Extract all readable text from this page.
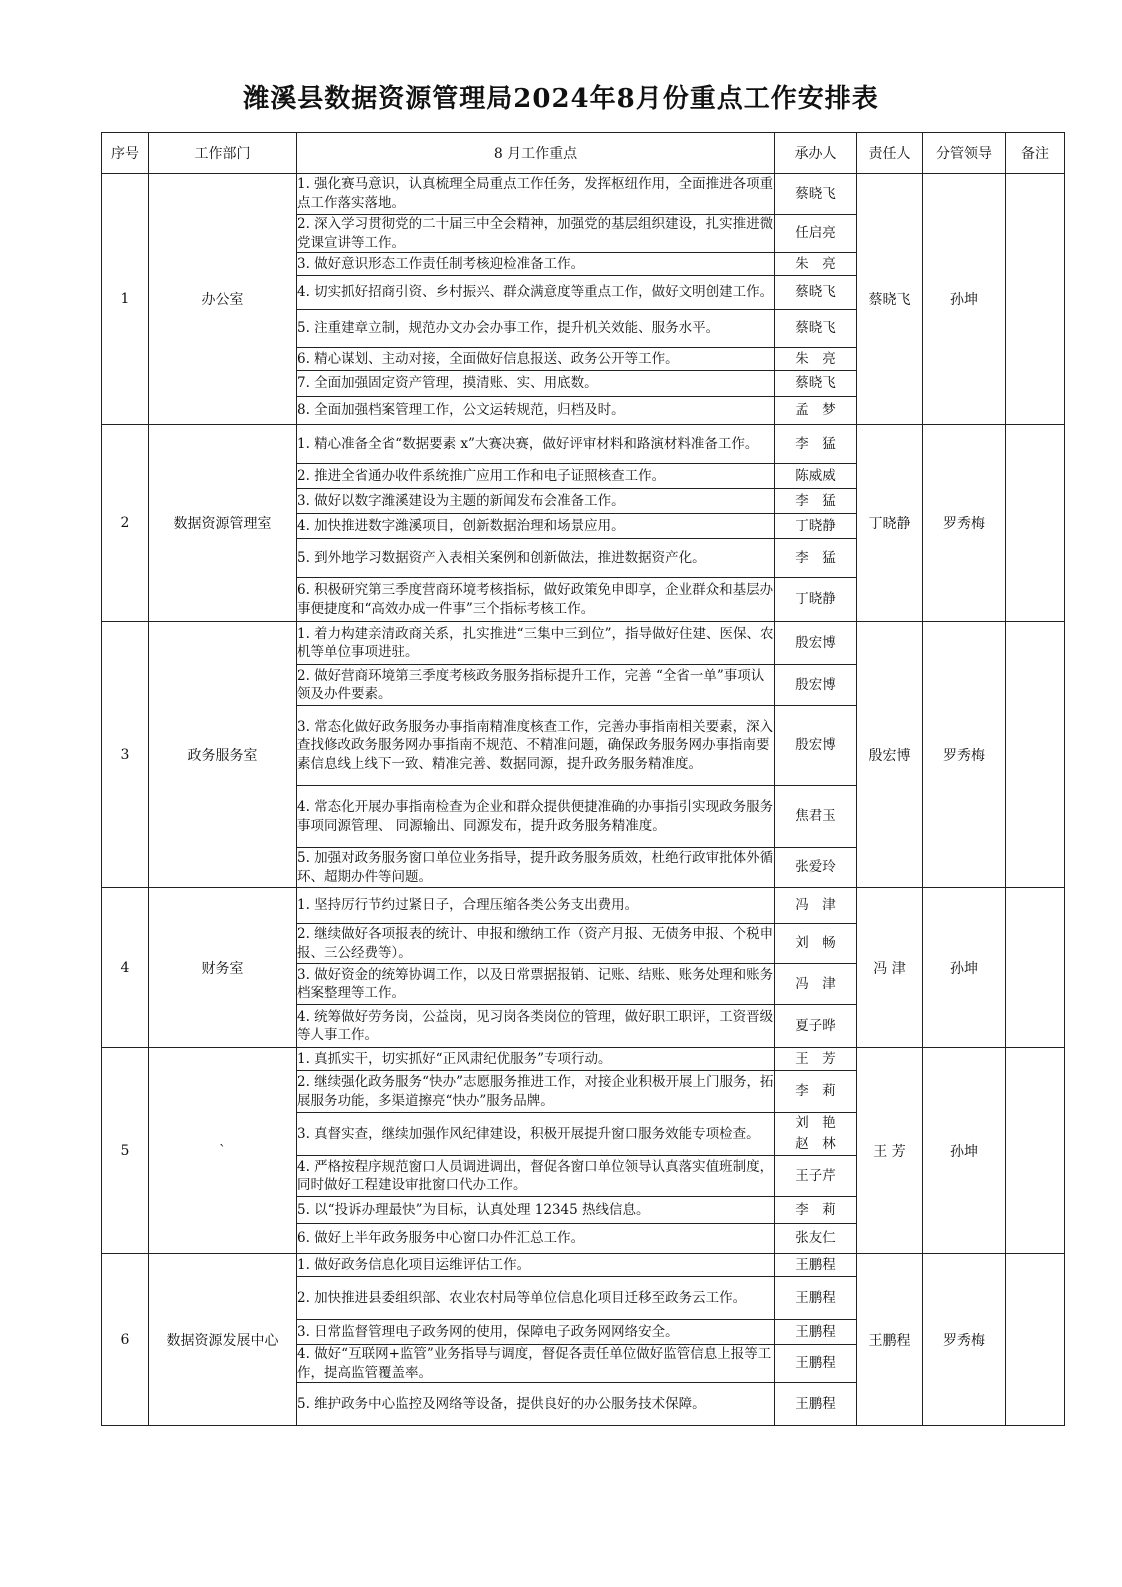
潍溪县数据资源管理局2024年8月份重点工作安排表
序号	工作部门	8 月工作重点	承办人	责任人	分管领导	备注
1	办公室	1. 强化赛马意识，认真梳理全局重点工作任务，发挥枢纽作用，全面推进各项重点工作落实落地。	蔡晓飞	蔡晓飞	孙坤	
		2. 深入学习贯彻党的二十届三中全会精神，加强党的基层组织建设，扎实推进微党课宣讲等工作。	任启亮			

		3. 做好意识形态工作责任制考核迎检准备工作。	朱　亮			

		4. 切实抓好招商引资、乡村振兴、群众满意度等重点工作，做好文明创建工作。	蔡晓飞			

		5. 注重建章立制，规范办文办会办事工作，提升机关效能、服务水平。	蔡晓飞			

		6. 精心谋划、主动对接，全面做好信息报送、政务公开等工作。	朱　亮			

		7. 全面加强固定资产管理，摸清账、实、用底数。	蔡晓飞			

		8. 全面加强档案管理工作，公文运转规范，归档及时。	孟　梦			

2	数据资源管理室	1. 精心准备全省“数据要素 x”大赛决赛，做好评审材料和路演材料准备工作。	李　猛	丁晓静	罗秀梅	
		2. 推进全省通办收件系统推广应用工作和电子证照核查工作。	陈威威			

		3. 做好以数字潍溪建设为主题的新闻发布会准备工作。	李　猛			

		4. 加快推进数字潍溪项目，创新数据治理和场景应用。	丁晓静			

		5. 到外地学习数据资产入表相关案例和创新做法，推进数据资产化。	李　猛			

		6. 积极研究第三季度营商环境考核指标，做好政策免申即享，企业群众和基层办事便捷度和“高效办成一件事”三个指标考核工作。	丁晓静			

3	政务服务室	1. 着力构建亲清政商关系，扎实推进“三集中三到位”，指导做好住建、医保、农机等单位事项进驻。	殷宏博	殷宏博	罗秀梅	
		2. 做好营商环境第三季度考核政务服务指标提升工作，完善 “全省一单”事项认领及办件要素。	殷宏博			

		3. 常态化做好政务服务办事指南精准度核查工作，完善办事指南相关要素，深入查找修改政务服务网办事指南不规范、不精准问题，确保政务服务网办事指南要素信息线上线下一致、精准完善、数据同源，提升政务服务精准度。	殷宏博			

		4. 常态化开展办事指南检查为企业和群众提供便捷准确的办事指引实现政务服务事项同源管理、 同源输出、同源发布，提升政务服务精准度。	焦君玉			

		5. 加强对政务服务窗口单位业务指导，提升政务服务质效，杜绝行政审批体外循环、超期办件等问题。	张爱玲			

4	财务室	1. 坚持厉行节约过紧日子，合理压缩各类公务支出费用。	冯　津	冯 津	孙坤	
		2. 继续做好各项报表的统计、申报和缴纳工作（资产月报、无债务申报、个税申报、三公经费等）。	刘　畅			

		3. 做好资金的统筹协调工作，以及日常票据报销、记账、结账、账务处理和账务档案整理等工作。	冯　津			

		4. 统筹做好劳务岗，公益岗，见习岗各类岗位的管理，做好职工职评，工资晋级等人事工作。	夏子晔			

5	`	1. 真抓实干，切实抓好“正风肃纪优服务”专项行动。	王　芳	王 芳	孙坤	
		2. 继续强化政务服务“快办”志愿服务推进工作，对接企业积极开展上门服务，拓展服务功能，多渠道擦亮“快办”服务品牌。	李　莉			

		3. 真督实查，继续加强作风纪律建设，积极开展提升窗口服务效能专项检查。	刘　艳
赵　林			

		4. 严格按程序规范窗口人员调进调出，督促各窗口单位领导认真落实值班制度，同时做好工程建设审批窗口代办工作。	王子芹			

		5. 以“投诉办理最快”为目标，认真处理 12345 热线信息。	李　莉			

		6. 做好上半年政务服务中心窗口办件汇总工作。	张友仁			

6	数据资源发展中心	1. 做好政务信息化项目运维评估工作。	王鹏程	王鹏程	罗秀梅	
		2. 加快推进县委组织部、农业农村局等单位信息化项目迁移至政务云工作。	王鹏程			

		3. 日常监督管理电子政务网的使用，保障电子政务网网络安全。	王鹏程			

		4. 做好“互联网+监管”业务指导与调度，督促各责任单位做好监管信息上报等工作，提高监管覆盖率。	王鹏程			

		5. 维护政务中心监控及网络等设备，提供良好的办公服务技术保障。	王鹏程			
